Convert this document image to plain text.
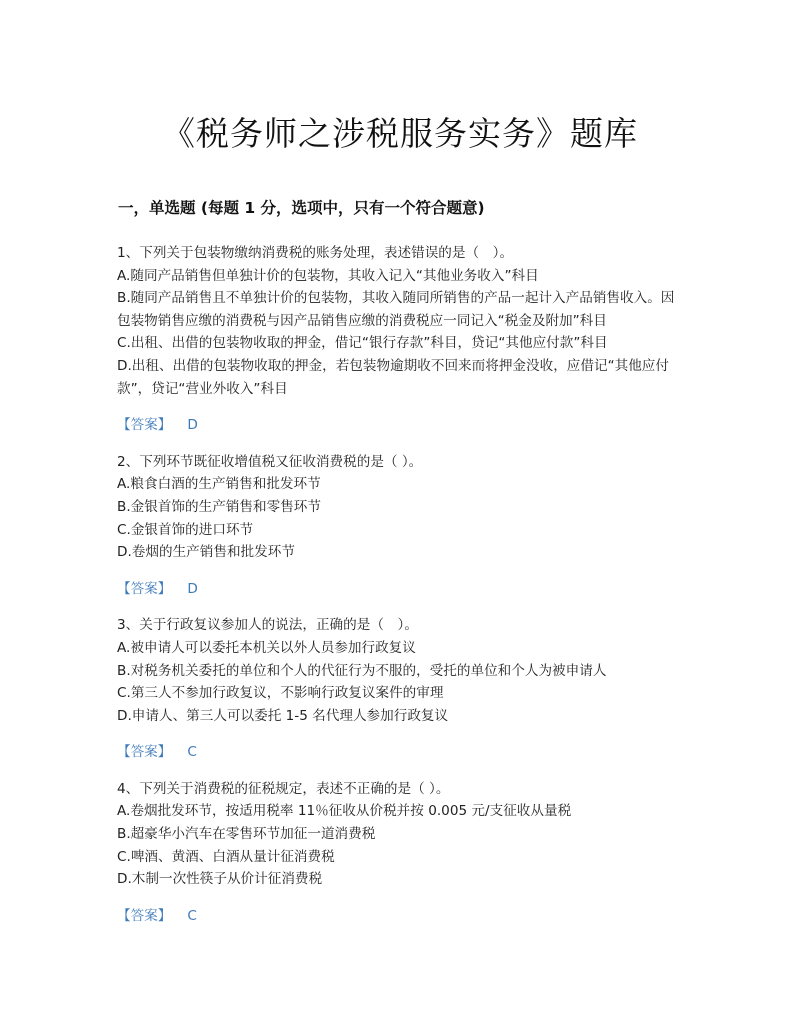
《税务师之涉税服务实务》题库
一，单选题 (每题 1 分，选项中，只有一个符合题意)

1、下列关于包装物缴纳消费税的账务处理，表述错误的是（　）。

A.随同产品销售但单独计价的包装物，其收入记入“其他业务收入”科目

B.随同产品销售且不单独计价的包装物，其收入随同所销售的产品一起计入产品销售收入。因包装物销售应缴的消费税与因产品销售应缴的消费税应一同记入“税金及附加”科目

C.出租、出借的包装物收取的押金，借记“银行存款”科目，贷记“其他应付款”科目

D.出租、出借的包装物收取的押金，若包装物逾期收不回来而将押金没收，应借记“其他应付款”，贷记“营业外收入”科目

【答案】 D

2、下列环节既征收增值税又征收消费税的是（ ）。

A.粮食白酒的生产销售和批发环节

B.金银首饰的生产销售和零售环节

C.金银首饰的进口环节

D.卷烟的生产销售和批发环节

【答案】 D

3、关于行政复议参加人的说法，正确的是（　）。

A.被申请人可以委托本机关以外人员参加行政复议

B.对税务机关委托的单位和个人的代征行为不服的，受托的单位和个人为被申请人

C.第三人不参加行政复议，不影响行政复议案件的审理

D.申请人、第三人可以委托 1-5 名代理人参加行政复议

【答案】 C

4、下列关于消费税的征税规定，表述不正确的是（ ）。

A.卷烟批发环节，按适用税率 11％征收从价税并按 0.005 元/支征收从量税

B.超豪华小汽车在零售环节加征一道消费税

C.啤酒、黄酒、白酒从量计征消费税

D.木制一次性筷子从价计征消费税

【答案】 C
